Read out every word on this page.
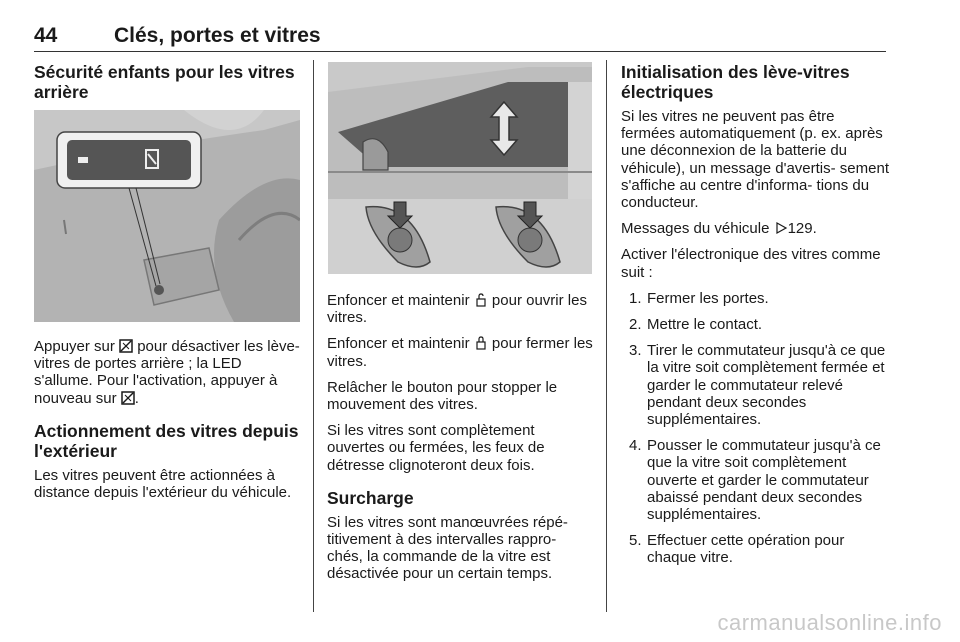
44	Clés, portes et vitres
Sécurité enfants pour les vitres arrière

Appuyer sur  pour désactiver les lève-vitres de portes arrière ; la LED s'allume. Pour l'activation, appuyer à nouveau sur .

Actionnement des vitres depuis l'extérieur

Les vitres peuvent être actionnées à distance depuis l'extérieur du véhicule.

Enfoncer et maintenir  pour ouvrir les vitres.

Enfoncer et maintenir  pour fermer les vitres.

Relâcher le bouton pour stopper le mouvement des vitres.

Si les vitres sont complètement ouvertes ou fermées, les feux de détresse clignoteront deux fois.

Surcharge

Si les vitres sont manœuvrées répé- titivement à des intervalles rappro- chés, la commande de la vitre est désactivée pour un certain temps.

Initialisation des lève-vitres électriques

Si les vitres ne peuvent pas être fermées automatiquement (p. ex. après une déconnexion de la batterie du véhicule), un message d'avertis- sement s'affiche au centre d'informa- tions du conducteur.

Messages du véhicule 129.

Activer l'électronique des vitres comme suit :

1. Fermer les portes.
2. Mettre le contact.
3. Tirer le commutateur jusqu'à ce que la vitre soit complètement fermée et garder le commutateur relevé pendant deux secondes supplémentaires.
4. Pousser le commutateur jusqu'à ce que la vitre soit complètement ouverte et garder le commutateur abaissé pendant deux secondes supplémentaires.
5. Effectuer cette opération pour chaque vitre.
carmanualsonline.info
